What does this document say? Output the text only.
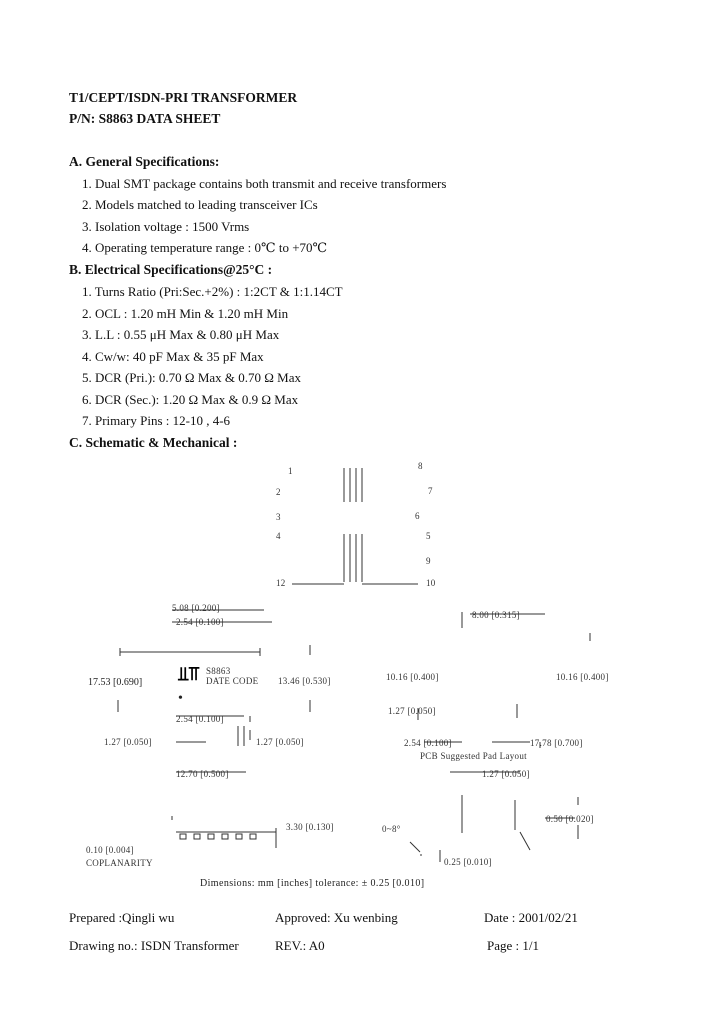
T1/CEPT/ISDN-PRI TRANSFORMER
P/N: S8863 DATA SHEET
A. General Specifications:
1. Dual SMT package contains both transmit and receive transformers
2. Models matched to leading transceiver ICs
3. Isolation voltage : 1500 Vrms
4. Operating temperature range : 0℃ to +70℃
B. Electrical Specifications@25°C :
1. Turns Ratio (Pri:Sec.+2%) : 1:2CT & 1:1.14CT
2. OCL : 1.20 mH Min & 1.20 mH Min
3. L.L : 0.55 μH Max & 0.80 μH Max
4. Cw/w: 40 pF Max & 35 pF Max
5. DCR (Pri.): 0.70 Ω Max & 0.70 Ω Max
6. DCR (Sec.): 1.20 Ω Max & 0.9 Ω Max
7. Primary Pins : 12-10 , 4-6
C. Schematic & Mechanical :
1	8
2	7
3	6
4	5
12
9
10
5.08 [0.200]
2.54 [0.100]
17.53 [0.690] ⫫⫪ S8863
DATE CODE 13.46 [0.530]
•
2.54 [0.100]
1.27 [0.050]	1.27 [0.050]
12.70 [0.500]
8.00 [0.315]
10.16 [0.400]	10.16 [0.400]
1.27 [0.050]
2.54 [0.100]	17.78 [0.700]
PCB Suggested Pad Layout
1.27 [0.050]
3.30 [0.130]
0.10 [0.004]
COPLANARITY
0~8°
0.50 [0.020]
0.25 [0.010]
Dimensions: mm [inches] tolerance: ± 0.25 [0.010]
Prepared :Qingli wu	Approved: Xu wenbing	Date : 2001/02/21
Drawing no.: ISDN Transformer	REV.: A0	Page : 1/1
